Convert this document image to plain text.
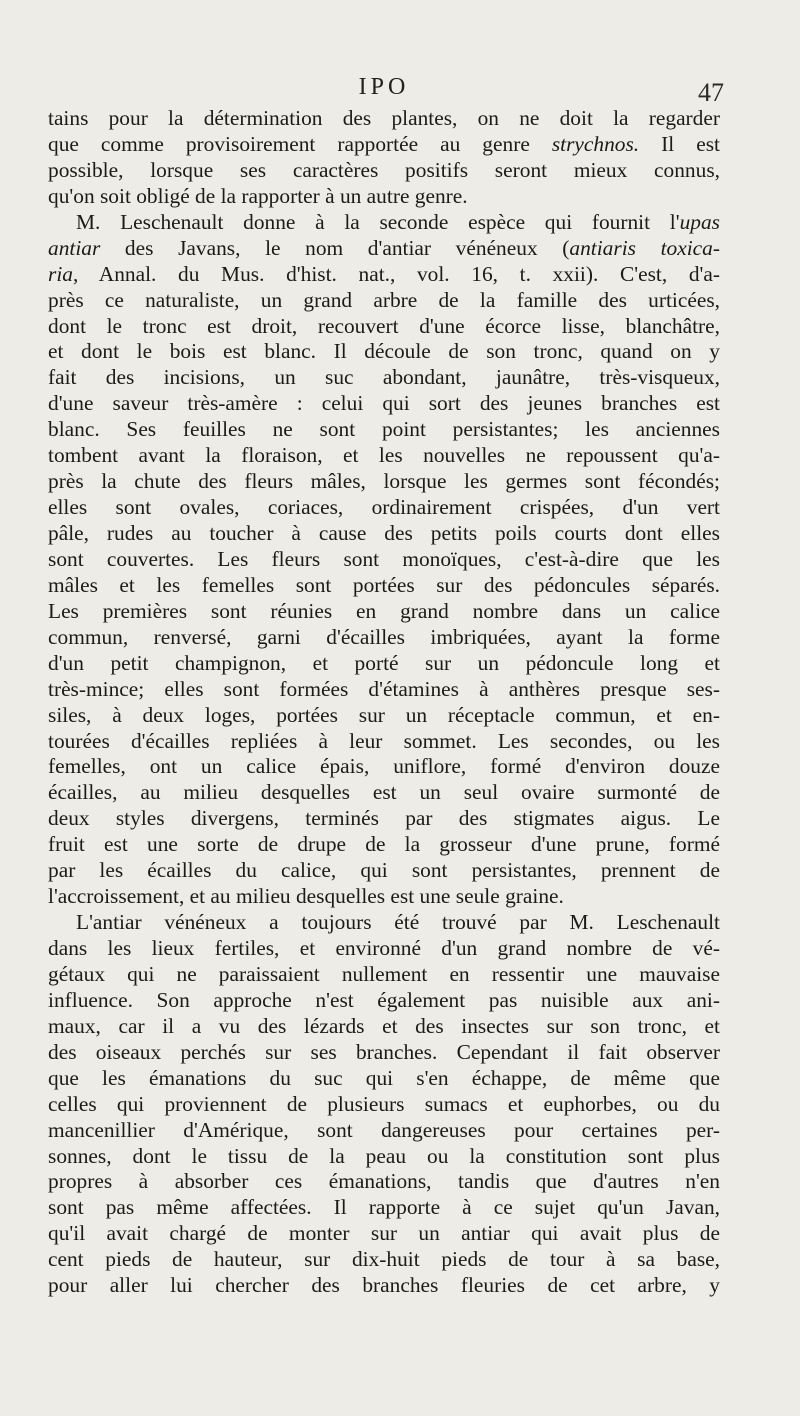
IPO	47
tains pour la détermination des plantes, on ne doit la regarder
que comme provisoirement rapportée au genre strychnos. Il est
possible, lorsque ses caractères positifs seront mieux connus,
qu'on soit obligé de la rapporter à un autre genre.
M. Leschenault donne à la seconde espèce qui fournit l'upas
antiar des Javans, le nom d'antiar vénéneux (antiaris toxica-
ria, Annal. du Mus. d'hist. nat., vol. 16, t. xxii). C'est, d'a-
près ce naturaliste, un grand arbre de la famille des urticées,
dont le tronc est droit, recouvert d'une écorce lisse, blanchâtre,
et dont le bois est blanc. Il découle de son tronc, quand on y
fait des incisions, un suc abondant, jaunâtre, très-visqueux,
d'une saveur très-amère : celui qui sort des jeunes branches est
blanc. Ses feuilles ne sont point persistantes; les anciennes
tombent avant la floraison, et les nouvelles ne repoussent qu'a-
près la chute des fleurs mâles, lorsque les germes sont fécondés;
elles sont ovales, coriaces, ordinairement crispées, d'un vert
pâle, rudes au toucher à cause des petits poils courts dont elles
sont couvertes. Les fleurs sont monoïques, c'est-à-dire que les
mâles et les femelles sont portées sur des pédoncules séparés.
Les premières sont réunies en grand nombre dans un calice
commun, renversé, garni d'écailles imbriquées, ayant la forme
d'un petit champignon, et porté sur un pédoncule long et
très-mince; elles sont formées d'étamines à anthères presque ses-
siles, à deux loges, portées sur un réceptacle commun, et en-
tourées d'écailles repliées à leur sommet. Les secondes, ou les
femelles, ont un calice épais, uniflore, formé d'environ douze
écailles, au milieu desquelles est un seul ovaire surmonté de
deux styles divergens, terminés par des stigmates aigus. Le
fruit est une sorte de drupe de la grosseur d'une prune, formé
par les écailles du calice, qui sont persistantes, prennent de
l'accroissement, et au milieu desquelles est une seule graine.
L'antiar vénéneux a toujours été trouvé par M. Leschenault
dans les lieux fertiles, et environné d'un grand nombre de vé-
gétaux qui ne paraissaient nullement en ressentir une mauvaise
influence. Son approche n'est également pas nuisible aux ani-
maux, car il a vu des lézards et des insectes sur son tronc, et
des oiseaux perchés sur ses branches. Cependant il fait observer
que les émanations du suc qui s'en échappe, de même que
celles qui proviennent de plusieurs sumacs et euphorbes, ou du
mancenillier d'Amérique, sont dangereuses pour certaines per-
sonnes, dont le tissu de la peau ou la constitution sont plus
propres à absorber ces émanations, tandis que d'autres n'en
sont pas même affectées. Il rapporte à ce sujet qu'un Javan,
qu'il avait chargé de monter sur un antiar qui avait plus de
cent pieds de hauteur, sur dix-huit pieds de tour à sa base,
pour aller lui chercher des branches fleuries de cet arbre, y
